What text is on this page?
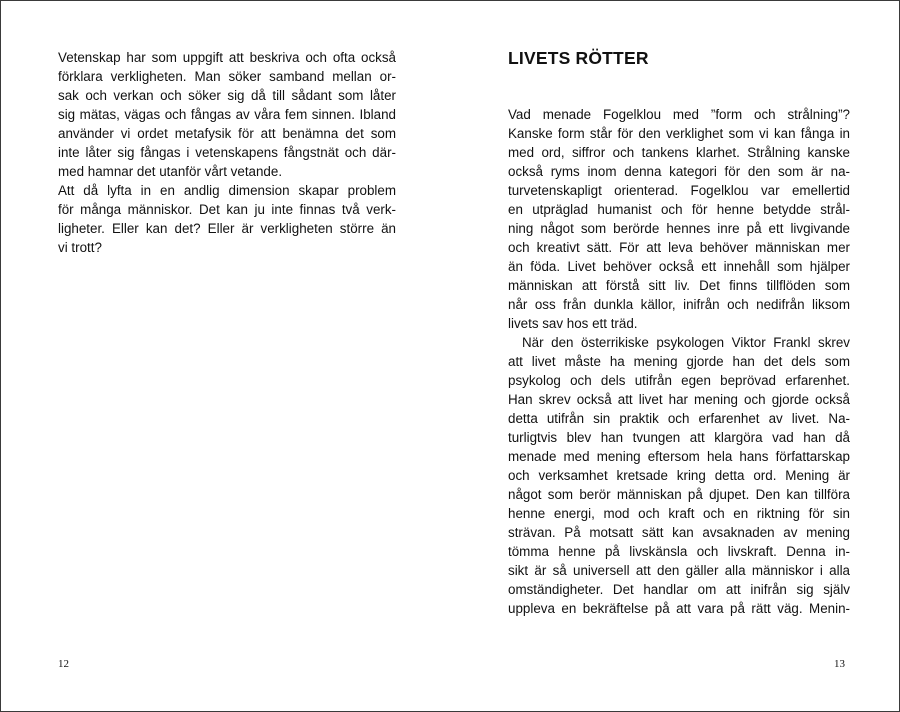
Vetenskap har som uppgift att beskriva och ofta också
förklara verkligheten. Man söker samband mellan or-
sak och verkan och söker sig då till sådant som låter
sig mätas, vägas och fångas av våra fem sinnen. Ibland
använder vi ordet metafysik för att benämna det som
inte låter sig fångas i vetenskapens fångstnät och där-
med hamnar det utanför vårt vetande.
Att då lyfta in en andlig dimension skapar problem
för många människor. Det kan ju inte finnas två verk-
ligheter. Eller kan det? Eller är verkligheten större än
vi trott?
12
LIVETS RÖTTER
Vad menade Fogelklou med ”form och strålning”?
Kanske form står för den verklighet som vi kan fånga in
med ord, siffror och tankens klarhet. Strålning kanske
också ryms inom denna kategori för den som är na-
turvetenskapligt orienterad. Fogelklou var emellertid
en utpräglad humanist och för henne betydde strål-
ning något som berörde hennes inre på ett livgivande
och kreativt sätt. För att leva behöver människan mer
än föda. Livet behöver också ett innehåll som hjälper
människan att förstå sitt liv. Det finns tillflöden som
når oss från dunkla källor, inifrån och nedifrån liksom
livets sav hos ett träd.
När den österrikiske psykologen Viktor Frankl skrev
att livet måste ha mening gjorde han det dels som
psykolog och dels utifrån egen beprövad erfarenhet.
Han skrev också att livet har mening och gjorde också
detta utifrån sin praktik och erfarenhet av livet. Na-
turligtvis blev han tvungen att klargöra vad han då
menade med mening eftersom hela hans författarskap
och verksamhet kretsade kring detta ord. Mening är
något som berör människan på djupet. Den kan tillföra
henne energi, mod och kraft och en riktning för sin
strävan. På motsatt sätt kan avsaknaden av mening
tömma henne på livskänsla och livskraft. Denna in-
sikt är så universell att den gäller alla människor i alla
omständigheter. Det handlar om att inifrån sig själv
uppleva en bekräftelse på att vara på rätt väg. Menin-
13
